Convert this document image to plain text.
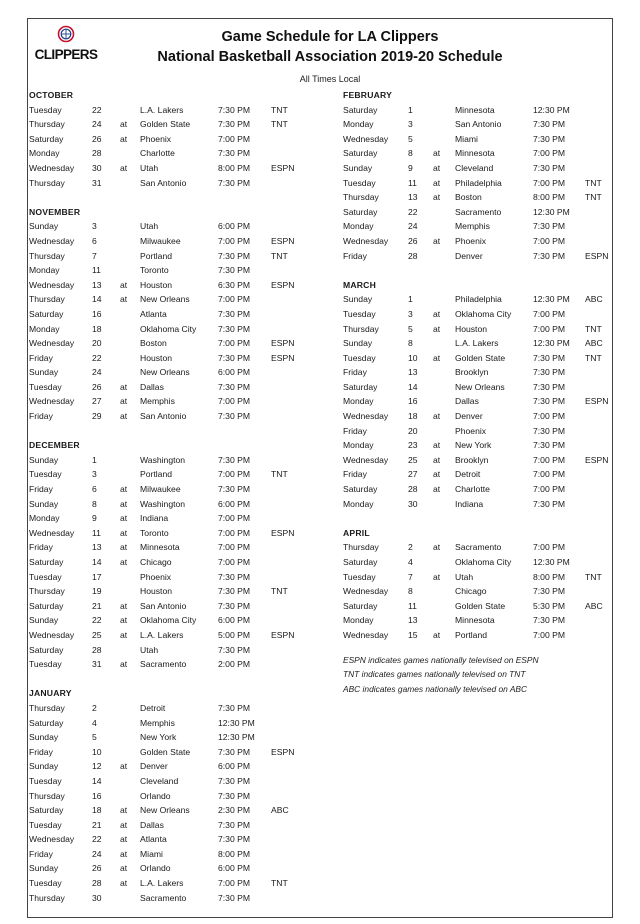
CLIPPERS
Game Schedule for LA Clippers
National Basketball Association 2019-20 Schedule
All Times Local
OCTOBER
Tuesday	22	L.A. Lakers	7:30 PM TNT
Thursday	24 at Golden State	7:30 PM TNT
Saturday	26 at Phoenix	7:00 PM
Monday	28	Charlotte	7:30 PM
Wednesday 30 at Utah	8:00 PM ESPN
Thursday	31	San Antonio	7:30 PM
NOVEMBER
Sunday	3	Utah	6:00 PM
Wednesday 6	Milwaukee	7:00 PM ESPN
Thursday	7	Portland	7:30 PM TNT
Monday	11	Toronto	7:30 PM
Wednesday 13 at Houston	6:30 PM ESPN
Thursday	14 at New Orleans	7:00 PM
Saturday	16	Atlanta	7:30 PM
Monday	18	Oklahoma City	7:30 PM
Wednesday 20	Boston	7:00 PM ESPN
Friday	22	Houston	7:30 PM ESPN
Sunday	24	New Orleans	6:00 PM
Tuesday	26 at Dallas	7:30 PM
Wednesday 27 at Memphis	7:00 PM
Friday	29 at San Antonio	7:30 PM
DECEMBER
Sunday	1	Washington	7:30 PM
Tuesday	3	Portland	7:00 PM TNT
Friday	6	at Milwaukee	7:30 PM
Sunday	8	at Washington	6:00 PM
Monday	9	at Indiana	7:00 PM
Wednesday 11 at Toronto	7:00 PM ESPN
Friday	13 at Minnesota	7:00 PM
Saturday	14 at Chicago	7:00 PM
Tuesday	17	Phoenix	7:30 PM
Thursday	19	Houston	7:30 PM TNT
Saturday	21 at San Antonio	7:30 PM
Sunday	22 at Oklahoma City	6:00 PM
Wednesday 25 at L.A. Lakers	5:00 PM ESPN
Saturday	28	Utah	7:30 PM
Tuesday	31 at Sacramento	2:00 PM
JANUARY
Thursday	2	Detroit	7:30 PM
Saturday	4	Memphis	12:30 PM
Sunday	5	New York	12:30 PM
Friday	10	Golden State	7:30 PM ESPN
Sunday	12 at Denver	6:00 PM
Tuesday	14	Cleveland	7:30 PM
Thursday	16	Orlando	7:30 PM
Saturday	18 at New Orleans	2:30 PM ABC
Tuesday	21 at Dallas	7:30 PM
Wednesday 22 at Atlanta	7:30 PM
Friday	24 at Miami	8:00 PM
Sunday	26 at Orlando	6:00 PM
Tuesday	28 at L.A. Lakers	7:00 PM TNT
Thursday	30	Sacramento	7:30 PM
FEBRUARY
Saturday	1	Minnesota	12:30 PM
Monday	3	San Antonio	7:30 PM
Wednesday 5	Miami	7:30 PM
Saturday	8 at Minnesota	7:00 PM
Sunday	9 at Cleveland	7:30 PM
Tuesday	11 at Philadelphia	7:00 PM TNT
Thursday	13 at Boston	8:00 PM TNT
Saturday	22	Sacramento	12:30 PM
Monday	24	Memphis	7:30 PM
Wednesday 26 at Phoenix	7:00 PM
Friday	28	Denver	7:30 PM ESPN
MARCH
Sunday	1	Philadelphia	12:30 PM ABC
Tuesday	3 at Oklahoma City	7:00 PM
Thursday	5 at Houston	7:00 PM TNT
Sunday	8	L.A. Lakers	12:30 PM ABC
Tuesday	10 at Golden State	7:30 PM TNT
Friday	13	Brooklyn	7:30 PM
Saturday	14	New Orleans	7:30 PM
Monday	16	Dallas	7:30 PM ESPN
Wednesday 18 at Denver	7:00 PM
Friday	20	Phoenix	7:30 PM
Monday	23 at New York	7:30 PM
Wednesday 25 at Brooklyn	7:00 PM ESPN
Friday	27 at Detroit	7:00 PM
Saturday	28 at Charlotte	7:00 PM
Monday	30	Indiana	7:30 PM
APRIL
Thursday	2 at Sacramento	7:00 PM
Saturday	4	Oklahoma City	12:30 PM
Tuesday	7 at Utah	8:00 PM TNT
Wednesday 8	Chicago	7:30 PM
Saturday	11	Golden State	5:30 PM ABC
Monday	13	Minnesota	7:30 PM
Wednesday 15 at Portland	7:00 PM
ESPN indicates games nationally televised on ESPN
TNT indicates games nationally televised on TNT
ABC indicates games nationally televised on ABC
